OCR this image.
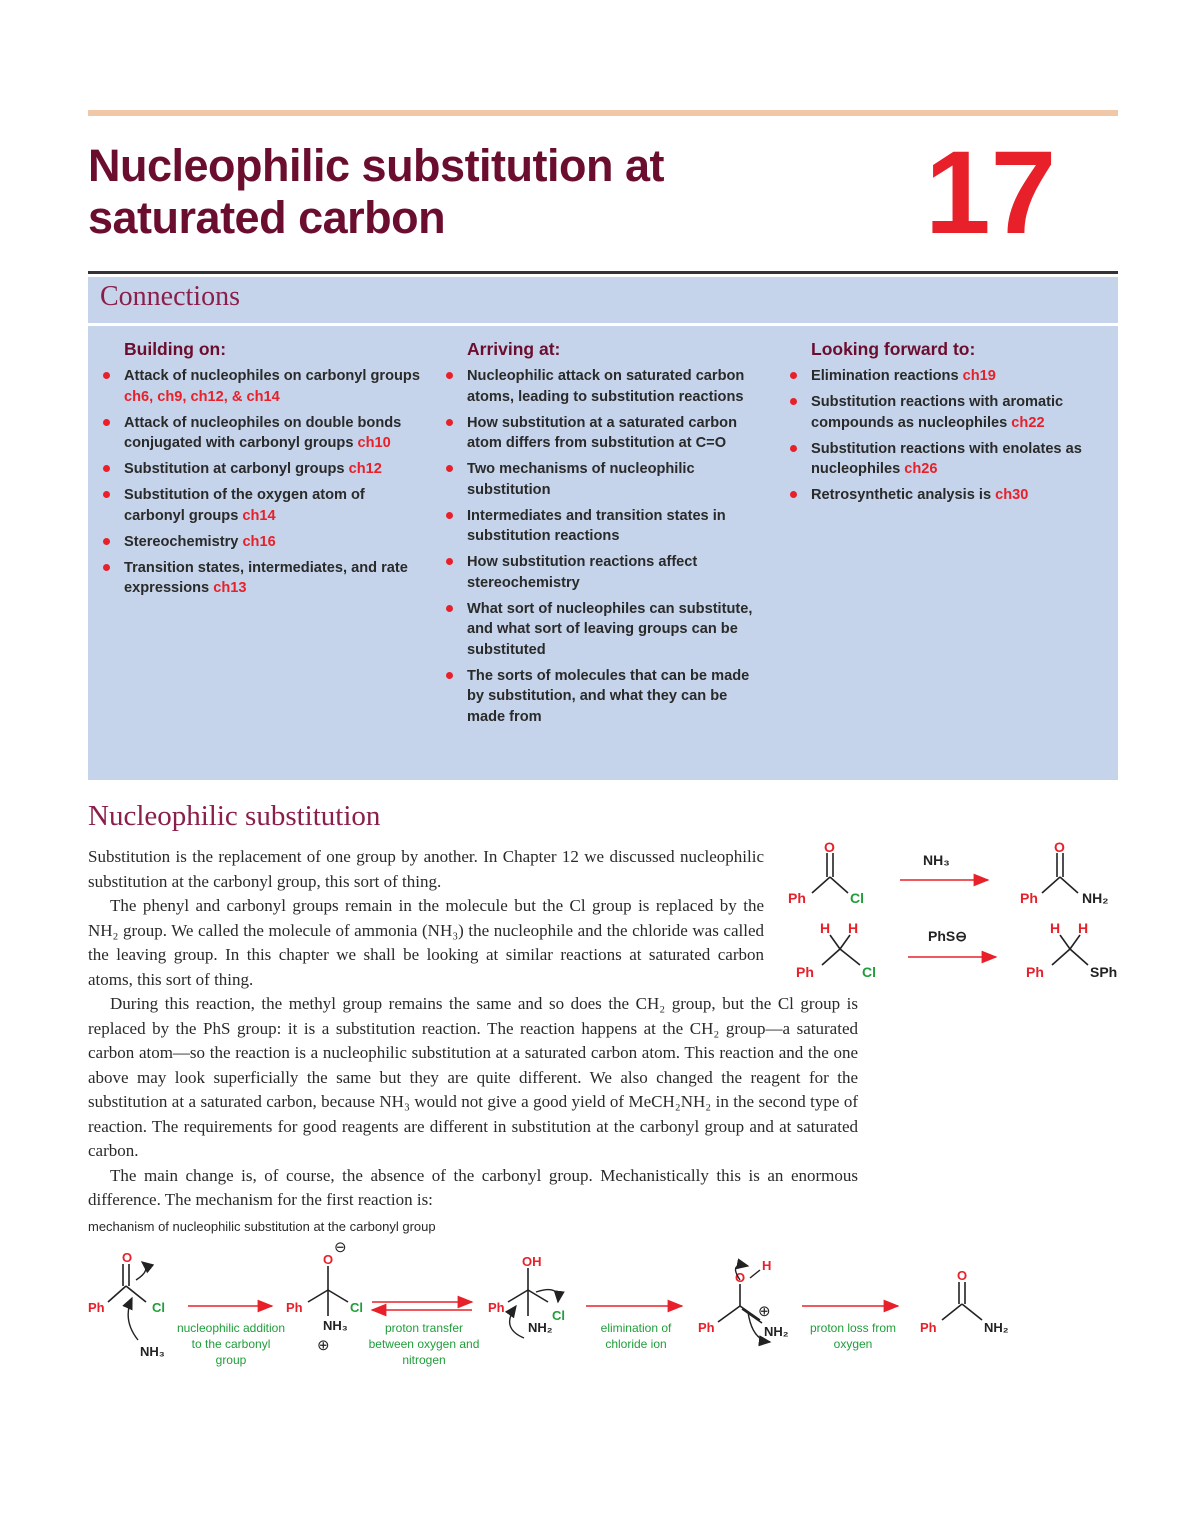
Nucleophilic substitution at
saturated carbon	17
Connections
Building on:
Attack of nucleophiles on carbonyl groups ch6, ch9, ch12, & ch14
Attack of nucleophiles on double bonds conjugated with carbonyl groups ch10
Substitution at carbonyl groups ch12
Substitution of the oxygen atom of carbonyl groups ch14
Stereochemistry ch16
Transition states, intermediates, and rate expressions ch13
Arriving at:
Nucleophilic attack on saturated carbon atoms, leading to substitution reactions
How substitution at a saturated carbon atom differs from substitution at C=O
Two mechanisms of nucleophilic substitution
Intermediates and transition states in substitution reactions
How substitution reactions affect stereochemistry
What sort of nucleophiles can substitute, and what sort of leaving groups can be substituted
The sorts of molecules that can be made by substitution, and what they can be made from
Looking forward to:
Elimination reactions ch19
Substitution reactions with aromatic compounds as nucleophiles ch22
Substitution reactions with enolates as nucleophiles ch26
Retrosynthetic analysis is ch30
Nucleophilic substitution

Substitution is the replacement of one group by another. In Chapter 12 we discussed nucleophilic substitution at the carbonyl group, this sort of thing.

The phenyl and carbonyl groups remain in the molecule but the Cl group is replaced by the NH₂ group. We called the molecule of ammonia (NH₃) the nucleophile and the chloride was called the leaving group. In this chapter we shall be looking at similar reactions at saturated carbon atoms, this sort of thing.

During this reaction, the methyl group remains the same and so does the CH₂ group, but the Cl group is replaced by the PhS group: it is a substitution reaction. The reaction happens at the CH₂ group—a saturated carbon atom—so the reaction is a nucleophilic substitution at a saturated carbon atom. This reaction and the one above may look superficially the same but they are quite different. We also changed the reagent for the substitution at a saturated carbon, because NH₃ would not give a good yield of MeCH₂NH₂ in the second type of reaction. The requirements for good reagents are different in substitution at the carbonyl group and at saturated carbon.

The main change is, of course, the absence of the carbonyl group. Mechanistically this is an enormous difference. The mechanism for the first reaction is:

O
Ph	Cl
NH₃
O
Ph	NH₂
H H
Ph	Cl
PhS⊖	H H
Ph	SPh
mechanism of nucleophilic substitution at the carbonyl group
O
Ph	Cl
NH₃
nucleophilic addition to the carbonyl group
O
⊖
Ph	Cl
NH₃
⊕
proton transfer between oxygen and nitrogen
OH
Ph
Cl
NH₂	elimination of chloride ion
O
H
Ph	NH₂
⊕
proton loss from oxygen
O
Ph	NH₂
